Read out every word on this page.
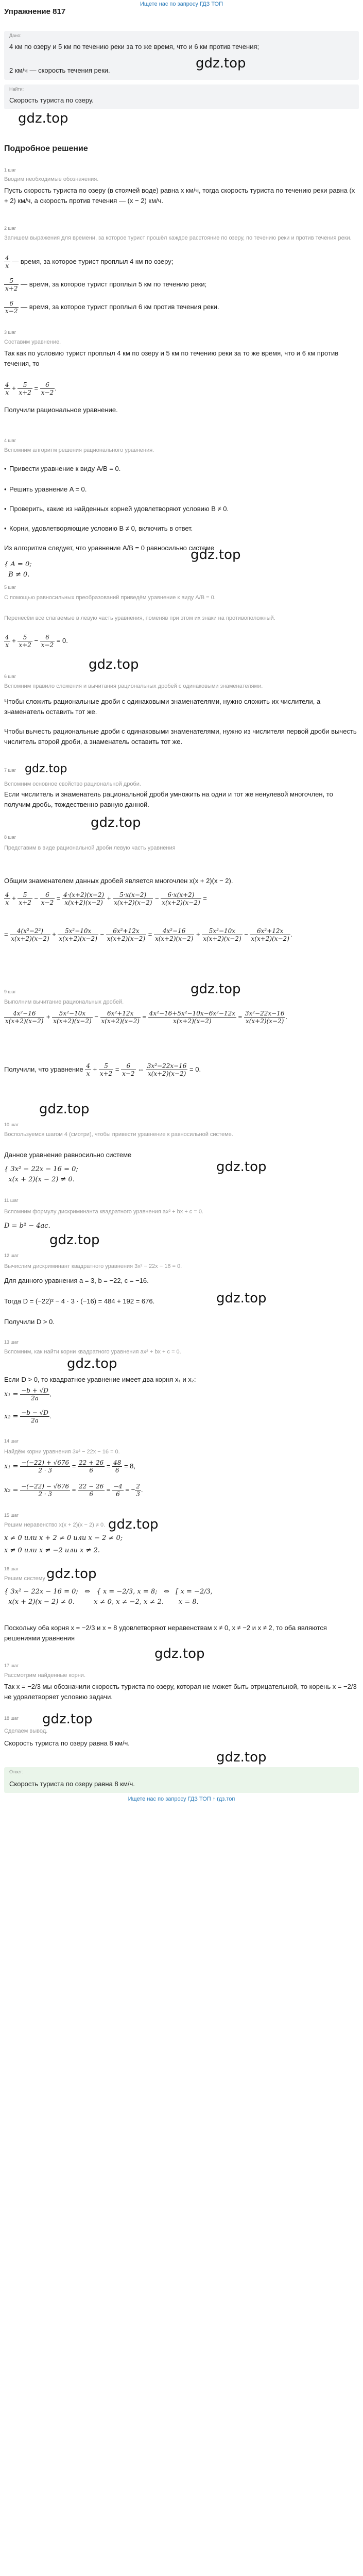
Ищете нас по запросу ГДЗ ТОП
Упражнение 817
Дано:
4 км по озеру и 5 км по течению реки за то же время, что и 6 км против течения;
2 км/ч — скорость течения реки.	gdz.top
Найти:
Скорость туриста по озеру.
gdz.top
Подробное решение
1 шаг
Вводим необходимые обозначения.
Пусть скорость туриста по озеру (в стоячей воде) равна x км/ч, тогда скорость туриста по течению реки равна (x + 2) км/ч, а скорость против течения — (x − 2) км/ч.
2 шаг
Запишем выражения для времени, за которое турист прошёл каждое расстояние по озеру, по течению реки и против течения реки.
$\frac{4}{x}$ — время, за которое турист проплыл 4 км по озеру;
$\frac{5}{x+2}$ — время, за которое турист проплыл 5 км по течению реки;
$\frac{6}{x-2}$ — время, за которое турист проплыл 6 км против течения реки.
3 шаг
Составим уравнение.
Так как по условию турист проплыл 4 км по озеру и 5 км по течению реки за то же время, что и 6 км против течения, то
$\frac{4}{x} + \frac{5}{x+2} = \frac{6}{x-2}$ .
Получили рациональное уравнение.
4 шаг
Вспомним алгоритм решения рационального уравнения.
• Привести уравнение к виду A/B = 0.
• Решить уравнение A = 0.
• Проверить, какие из найденных корней удовлетворяют условию B ≠ 0.
• Корни, удовлетворяющие условию B ≠ 0, включить в ответ.
Из алгоритма следует, что уравнение A/B = 0 равносильно системе
{ A = 0;
B ≠ 0.
gdz.top
5 шаг
С помощью равносильных преобразований приведём уравнение к виду A/B = 0.
Перенесём все слагаемые в левую часть уравнения, поменяв при этом их знаки на противоположный.
$\frac{4}{x} + \frac{5}{x+2} - \frac{6}{x-2} = 0$.
gdz.top
6 шаг
Вспомним правило сложения и вычитания рациональных дробей с одинаковыми знаменателями.
Чтобы сложить рациональные дроби с одинаковыми знаменателями, нужно сложить их числители, а знаменатель оставить тот же.
Чтобы вычесть рациональные дроби с одинаковыми знаменателями, нужно из числителя первой дроби вычесть числитель второй дроби, а знаменатель оставить тот же.
7 шаг gdz.top
Вспомним основное свойство рациональной дроби.
Если числитель и знаменатель рациональной дроби умножить на одни и тот же ненулевой многочлен, то получим дробь, тождественно равную данной.
gdz.top
8 шаг
Представим в виде рациональной дроби левую часть уравнения
Общим знаменателем данных дробей является многочлен x(x + 2)(x − 2).
$\frac{4}{x} + \frac{5}{x+2} - \frac{6}{x-2} = \frac{4\cdot(x+2)(x-2)}{x(x+2)(x-2)} + \frac{5\cdot x(x-2)}{x(x+2)(x-2)} - \frac{6\cdot x(x+2)}{x(x+2)(x-2)}$ =
= $\frac{\text{4(x²−2²)}}{x(x+2)(x-2)} + \frac{\text{5x²−10x}}{x(x+2)(x-2)} - \frac{\text{6x²+12x}}{x(x+2)(x-2)} = \frac{\text{4x²−16}}{x(x+2)(x-2)} + \frac{\text{5x²−10x}}{x(x+2)(x-2)} - \frac{\text{6x²+12x}}{x(x+2)(x-2)}$ .
9 шаг	gdz.top
Выполним вычитание рациональных дробей.
$\frac{\text{4x²−16}}{x(x+2)(x-2)} + \frac{\text{5x²−10x}}{x(x+2)(x-2)} - \frac{\text{6x²+12x}}{x(x+2)(x-2)} = \frac{\text{4x²−16+5x²−10x−6x²−12x}}{x(x+2)(x-2)} = \frac{\text{3x²−22x−16}}{x(x+2)(x-2)}$ .
Получили, что уравнение $\frac{4}{x} + \frac{5}{x+2} = \frac{6}{x-2}$ ⇔ $\frac{\text{3x²−22x−16}}{x(x+2)(x-2)} = 0$.
gdz.top
10 шаг
Воспользуемся шагом 4 (смотри), чтобы привести уравнение к равносильной системе.
Данное уравнение равносильно системе
{ 3x² − 22x − 16 = 0;
x(x + 2)(x − 2) ≠ 0.
gdz.top
11 шаг
Вспомним формулу дискриминанта квадратного уравнения ax² + bx + c = 0.
D = b² − 4ac.
gdz.top
12 шаг
Вычислим дискриминант квадратного уравнения 3x² − 22x − 16 = 0.
Для данного уравнения a = 3, b = −22, c = −16.
gdz.top
Тогда D = (−22)² − 4 · 3 · (−16) = 484 + 192 = 676.
Получили D > 0.
13 шаг
Вспомним, как найти корни квадратного уравнения ax² + bx + c = 0.
gdz.top
Если D > 0, то квадратное уравнение имеет два корня x₁ и x₂:
$x_1 = \frac{-b + √D}{2a}$ ,
$x_2 = \frac{-b - √D}{2a}$ .
14 шаг
Найдём корни уравнения 3x² − 22x − 16 = 0.
$x_1 = \frac{-(-22) + √676}{2 \cdot 3} = \frac{22 + 26}{6} = \frac{48}{6} = 8$,
$x_2 = \frac{-(-22) - √676}{2 \cdot 3} = \frac{22 - 26}{6} = \frac{-4}{6}$ = − $\frac{2}{3}$ .
15 шаг
Решим неравенство x(x + 2)(x − 2) ≠ 0. gdz.top
x ≠ 0 или x + 2 ≠ 0 или x − 2 ≠ 0;
x ≠ 0 или x ≠ −2 или x ≠ 2.
16 шаг
Решим систему gdz.top
{ 3x² − 22x − 16 = 0;   ⇔   { x = −2/3, x = 8;   ⇔   [ x = −2/3,
x(x + 2)(x − 2) ≠ 0.         x ≠ 0, x ≠ −2, x ≠ 2.       x = 8.
Поскольку оба корня x = −2/3 и x = 8 удовлетворяют неравенствам x ≠ 0, x ≠ −2 и x ≠ 2, то оба являются решениями уравнения
gdz.top
17 шаг
Рассмотрим найденные корни.
Так x = −2/3 мы обозначили скорость туриста по озеру, которая не может быть отрицательной, то корень x = −2/3 не удовлетворяет условию задачи.
18 шаг gdz.top
Сделаем вывод.
Скорость туриста по озеру равна 8 км/ч.
gdz.top
Ответ:
Скорость туриста по озеру равна 8 км/ч.
Ищете нас по запросу ГДЗ ТОП ↑ гдз.топ
